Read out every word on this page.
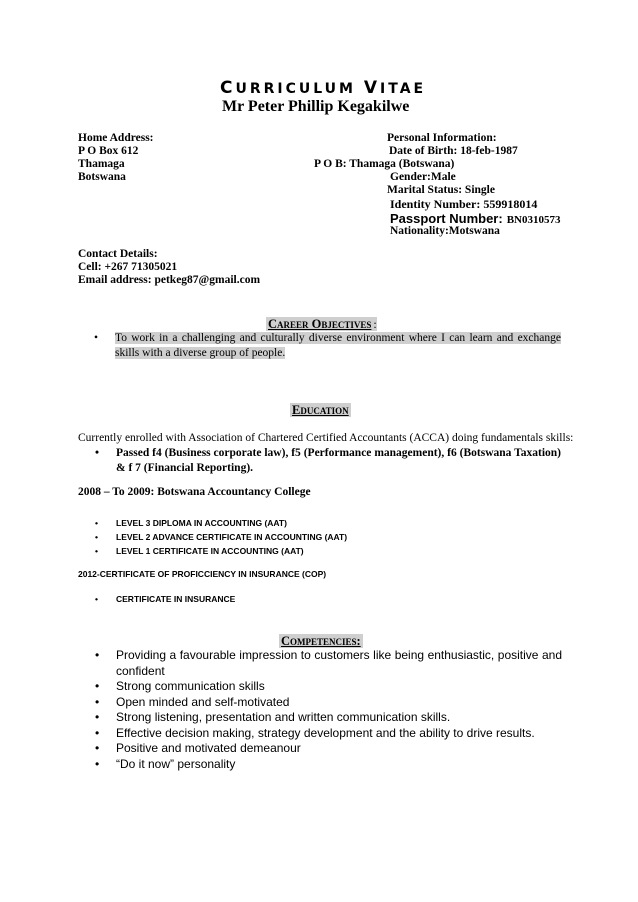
CURRICULUM VITAE
Mr Peter Phillip Kegakilwe
Home Address:
P O Box 612
Thamaga
Botswana
Personal Information:
Date of Birth: 18-feb-1987
P O B: Thamaga (Botswana)
Gender:Male
Marital Status: Single
Identity Number: 559918014
Passport Number: BN0310573
Nationality:Motswana
Contact Details:
Cell: +267 71305021
Email address: petkeg87@gmail.com
Career Objectives :
• To work in a challenging and culturally diverse environment where I can learn and exchange skills with a diverse group of people.
Education
Currently enrolled with Association of Chartered Certified Accountants (ACCA) doing fundamentals skills:
• Passed f4 (Business corporate law), f5 (Performance management), f6 (Botswana Taxation) & f 7 (Financial Reporting).
2008 – To 2009: Botswana Accountancy College
• LEVEL 3 DIPLOMA IN ACCOUNTING (AAT)
• LEVEL 2 ADVANCE CERTIFICATE IN ACCOUNTING (AAT)
• LEVEL 1 CERTIFICATE IN ACCOUNTING (AAT)
2012-CERTIFICATE OF PROFICCIENCY IN INSURANCE (COP)
• CERTIFICATE IN INSURANCE
Competencies:
• Providing a favourable impression to customers like being enthusiastic, positive and confident
• Strong communication skills
• Open minded and self-motivated
• Strong listening, presentation and written communication skills.
• Effective decision making, strategy development and the ability to drive results.
• Positive and motivated demeanour
• “Do it now” personality
